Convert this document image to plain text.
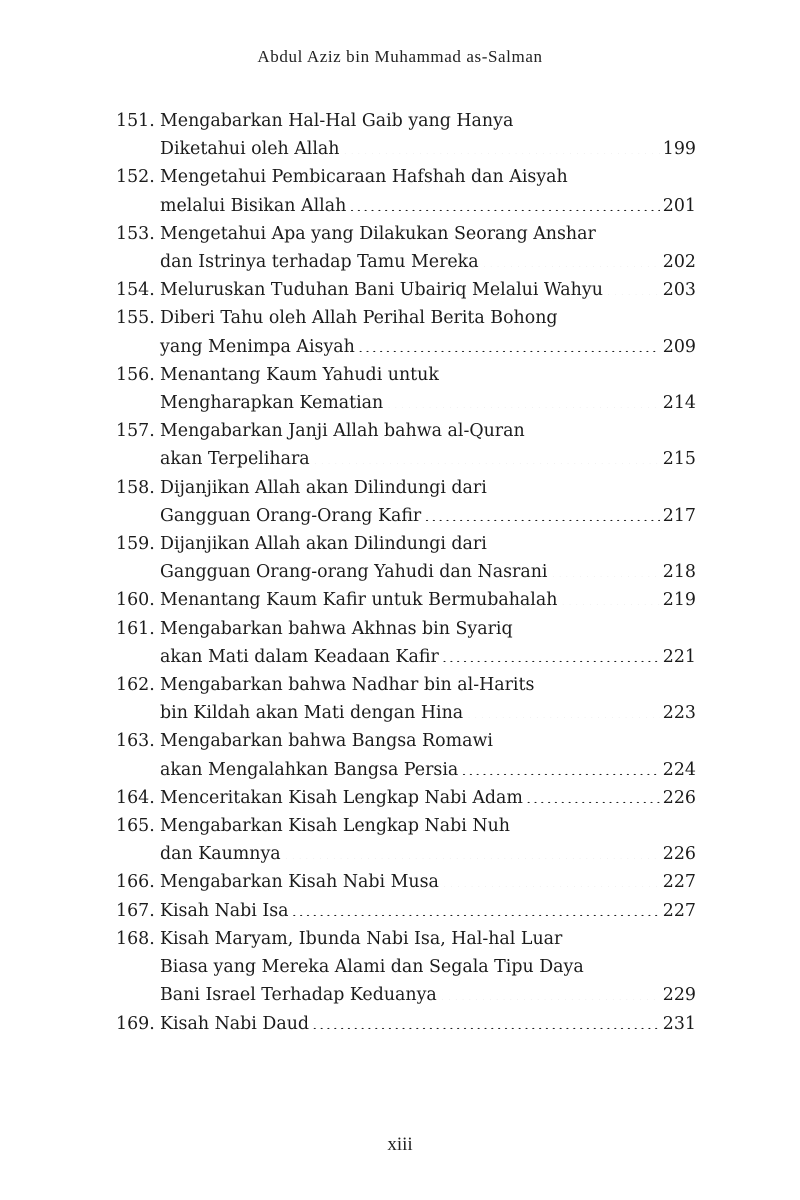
Abdul Aziz bin Muhammad as-Salman
151. Mengabarkan Hal-Hal Gaib yang Hanya
Diketahui oleh Allah .....	199
152. Mengetahui Pembicaraan Hafshah dan Aisyah
melalui Bisikan Allah .....	201
153. Mengetahui Apa yang Dilakukan Seorang Anshar
dan Istrinya terhadap Tamu Mereka .....	202
154. Meluruskan Tuduhan Bani Ubairiq Melalui Wahyu .....	203
155. Diberi Tahu oleh Allah Perihal Berita Bohong
yang Menimpa Aisyah .....	209
156. Menantang Kaum Yahudi untuk
Mengharapkan Kematian .....	214
157. Mengabarkan Janji Allah bahwa al-Quran
akan Terpelihara .....	215
158. Dijanjikan Allah akan Dilindungi dari
Gangguan Orang-Orang Kafir .....	217
159. Dijanjikan Allah akan Dilindungi dari
Gangguan Orang-orang Yahudi dan Nasrani .....	218
160. Menantang Kaum Kafir untuk Bermubahalah .....	219
161. Mengabarkan bahwa Akhnas bin Syariq
akan Mati dalam Keadaan Kafir .....	221
162. Mengabarkan bahwa Nadhar bin al-Harits
bin Kildah akan Mati dengan Hina .....	223
163. Mengabarkan bahwa Bangsa Romawi
akan Mengalahkan Bangsa Persia .....	224
164. Menceritakan Kisah Lengkap Nabi Adam .....	226
165. Mengabarkan Kisah Lengkap Nabi Nuh
dan Kaumnya .....	226
166. Mengabarkan Kisah Nabi Musa .....	227
167. Kisah Nabi Isa .....	227
168. Kisah Maryam, Ibunda Nabi Isa, Hal-hal Luar
Biasa yang Mereka Alami dan Segala Tipu Daya
Bani Israel Terhadap Keduanya .....	229
169. Kisah Nabi Daud .....	231
xiii
